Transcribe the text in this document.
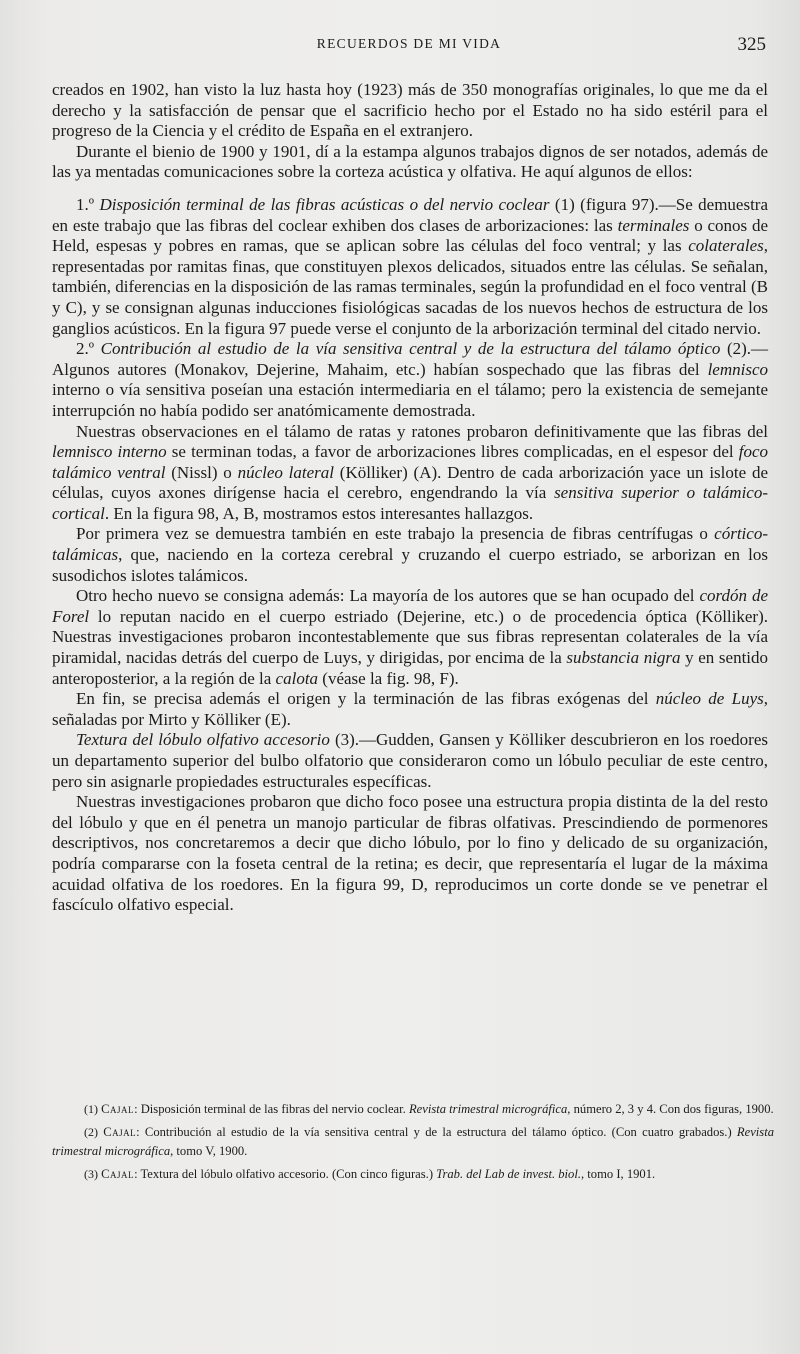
RECUERDOS DE MI VIDA	325

creados en 1902, han visto la luz hasta hoy (1923) más de 350 monografías originales, lo que me da el derecho y la satisfacción de pensar que el sacrificio hecho por el Estado no ha sido estéril para el progreso de la Ciencia y el crédito de España en el extranjero.

Durante el bienio de 1900 y 1901, dí a la estampa algunos trabajos dignos de ser notados, además de las ya mentadas comunicaciones sobre la corteza acústica y olfativa. He aquí algunos de ellos:

1.º Disposición terminal de las fibras acústicas o del nervio coclear (1) (figura 97).—Se demuestra en este trabajo que las fibras del coclear exhiben dos clases de arborizaciones: las terminales o conos de Held, espesas y pobres en ramas, que se aplican sobre las células del foco ventral; y las colaterales, representadas por ramitas finas, que constituyen plexos delicados, situados entre las células. Se señalan, también, diferencias en la disposición de las ramas terminales, según la profundidad en el foco ventral (B y C), y se consignan algunas inducciones fisiológicas sacadas de los nuevos hechos de estructura de los ganglios acústicos. En la figura 97 puede verse el conjunto de la arborización terminal del citado nervio.

2.º Contribución al estudio de la vía sensitiva central y de la estructura del tálamo óptico (2).—Algunos autores (Monakov, Dejerine, Mahaim, etc.) habían sospechado que las fibras del lemnisco interno o vía sensitiva poseían una estación intermediaria en el tálamo; pero la existencia de semejante interrupción no había podido ser anatómicamente demostrada.

Nuestras observaciones en el tálamo de ratas y ratones probaron definitivamente que las fibras del lemnisco interno se terminan todas, a favor de arborizaciones libres complicadas, en el espesor del foco talámico ventral (Nissl) o núcleo lateral (Kölliker) (A). Dentro de cada arborización yace un islote de células, cuyos axones dirígense hacia el cerebro, engendrando la vía sensitiva superior o talámico-cortical. En la figura 98, A, B, mostramos estos interesantes hallazgos.

Por primera vez se demuestra también en este trabajo la presencia de fibras centrífugas o córtico-talámicas, que, naciendo en la corteza cerebral y cruzando el cuerpo estriado, se arborizan en los susodichos islotes talámicos.

Otro hecho nuevo se consigna además: La mayoría de los autores que se han ocupado del cordón de Forel lo reputan nacido en el cuerpo estriado (Dejerine, etc.) o de procedencia óptica (Kölliker). Nuestras investigaciones probaron incontestablemente que sus fibras representan colaterales de la vía piramidal, nacidas detrás del cuerpo de Luys, y dirigidas, por encima de la substancia nigra y en sentido anteroposterior, a la región de la calota (véase la fig. 98, F).

En fin, se precisa además el origen y la terminación de las fibras exógenas del núcleo de Luys, señaladas por Mirto y Kölliker (E).

Textura del lóbulo olfativo accesorio (3).—Gudden, Gansen y Kölliker descubrieron en los roedores un departamento superior del bulbo olfatorio que consideraron como un lóbulo peculiar de este centro, pero sin asignarle propiedades estructurales específicas.

Nuestras investigaciones probaron que dicho foco posee una estructura propia distinta de la del resto del lóbulo y que en él penetra un manojo particular de fibras olfativas. Prescindiendo de pormenores descriptivos, nos concretaremos a decir que dicho lóbulo, por lo fino y delicado de su organización, podría compararse con la foseta central de la retina; es decir, que representaría el lugar de la máxima acuidad olfativa de los roedores. En la figura 99, D, reproducimos un corte donde se ve penetrar el fascículo olfativo especial.

(1) Cajal: Disposición terminal de las fibras del nervio coclear. Revista trimestral micrográfica, número 2, 3 y 4. Con dos figuras, 1900.

(2) Cajal: Contribución al estudio de la vía sensitiva central y de la estructura del tálamo óptico. (Con cuatro grabados.) Revista trimestral micrográfica, tomo V, 1900.

(3) Cajal: Textura del lóbulo olfativo accesorio. (Con cinco figuras.) Trab. del Lab de invest. biol., tomo I, 1901.
